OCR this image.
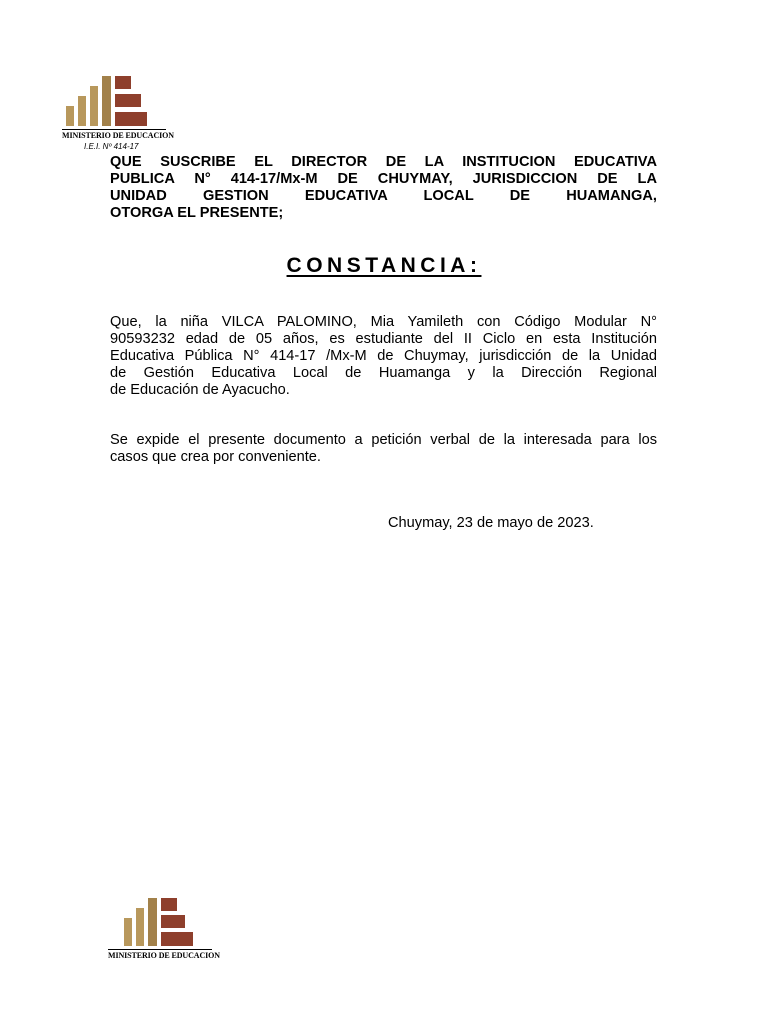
MINISTERIO DE EDUCACION
I.E.I. Nº 414-17
QUE SUSCRIBE EL DIRECTOR DE LA INSTITUCION EDUCATIVA
PUBLICA N° 414-17/Mx-M DE CHUYMAY, JURISDICCION DE LA
UNIDAD GESTION EDUCATIVA LOCAL DE HUAMANGA,
OTORGA EL PRESENTE;
CONSTANCIA:
Que, la niña VILCA PALOMINO, Mia Yamileth con Código Modular N°
90593232 edad de 05 años, es estudiante del II Ciclo en esta Institución
Educativa Pública N° 414-17 /Mx-M de Chuymay, jurisdicción de la Unidad
de Gestión Educativa Local de Huamanga y la Dirección Regional
de Educación de Ayacucho.
Se expide el presente documento a petición verbal de la interesada para los
casos que crea por conveniente.
Chuymay, 23 de mayo de 2023.
MINISTERIO DE EDUCACION
